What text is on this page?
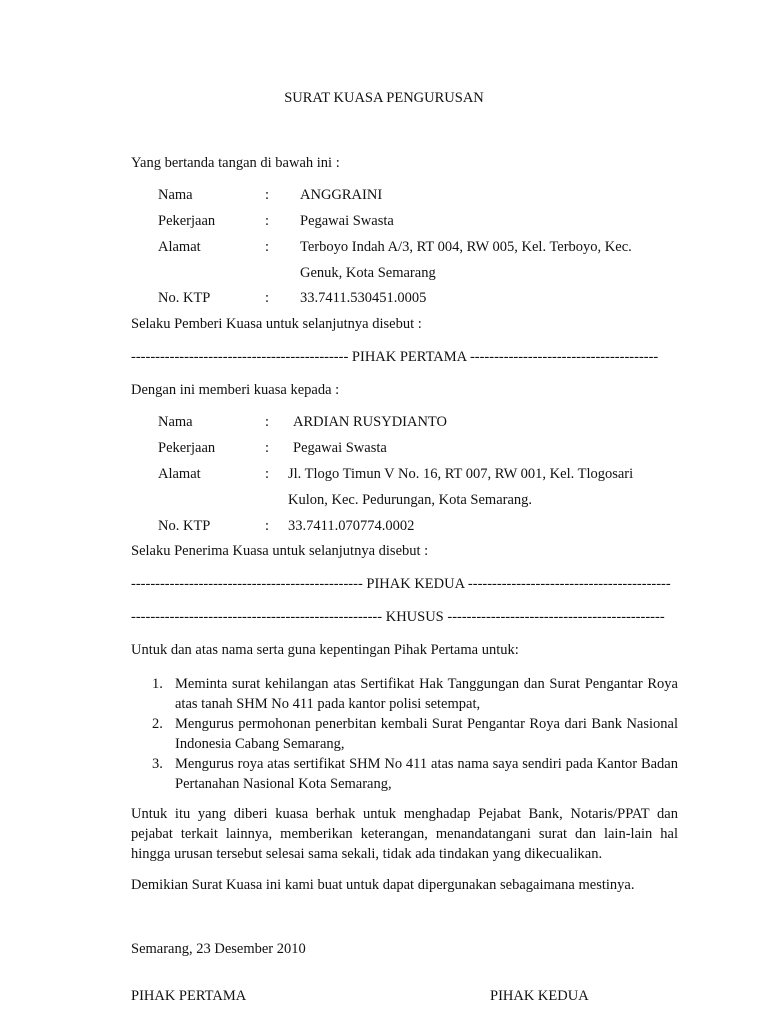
SURAT KUASA PENGURUSAN
Yang bertanda tangan di bawah ini :
Nama	: ANGGRAINI
Pekerjaan	: Pegawai Swasta
Alamat	: Terboyo Indah A/3, RT 004, RW 005, Kel. Terboyo, Kec.
Genuk, Kota Semarang
No. KTP	: 33.7411.530451.0005
Selaku Pemberi Kuasa untuk selanjutnya disebut :
--------------------------------------------- PIHAK PERTAMA ---------------------------------------
Dengan ini memberi kuasa kepada :
Nama	: ARDIAN RUSYDIANTO
Pekerjaan	: Pegawai Swasta
Alamat	: Jl. Tlogo Timun V No. 16, RT 007, RW 001, Kel. Tlogosari
Kulon, Kec. Pedurungan, Kota Semarang.
No. KTP	: 33.7411.070774.0002
Selaku Penerima Kuasa untuk selanjutnya disebut :
------------------------------------------------ PIHAK KEDUA ------------------------------------------
---------------------------------------------------- KHUSUS ---------------------------------------------
Untuk dan atas nama serta guna kepentingan Pihak Pertama untuk:
1. Meminta surat kehilangan atas Sertifikat Hak Tanggungan dan Surat Pengantar Roya atas tanah SHM No 411 pada kantor polisi setempat,
2. Mengurus permohonan penerbitan kembali Surat Pengantar Roya dari Bank Nasional Indonesia Cabang Semarang,
3. Mengurus roya atas sertifikat SHM No 411 atas nama saya sendiri pada Kantor Badan Pertanahan Nasional Kota Semarang,
Untuk itu yang diberi kuasa berhak untuk menghadap Pejabat Bank, Notaris/PPAT dan pejabat terkait lainnya, memberikan keterangan, menandatangani surat dan lain-lain hal hingga urusan tersebut selesai sama sekali, tidak ada tindakan yang dikecualikan.
Demikian Surat Kuasa ini kami buat untuk dapat dipergunakan sebagaimana mestinya.
Semarang, 23 Desember 2010
PIHAK PERTAMA	PIHAK KEDUA
